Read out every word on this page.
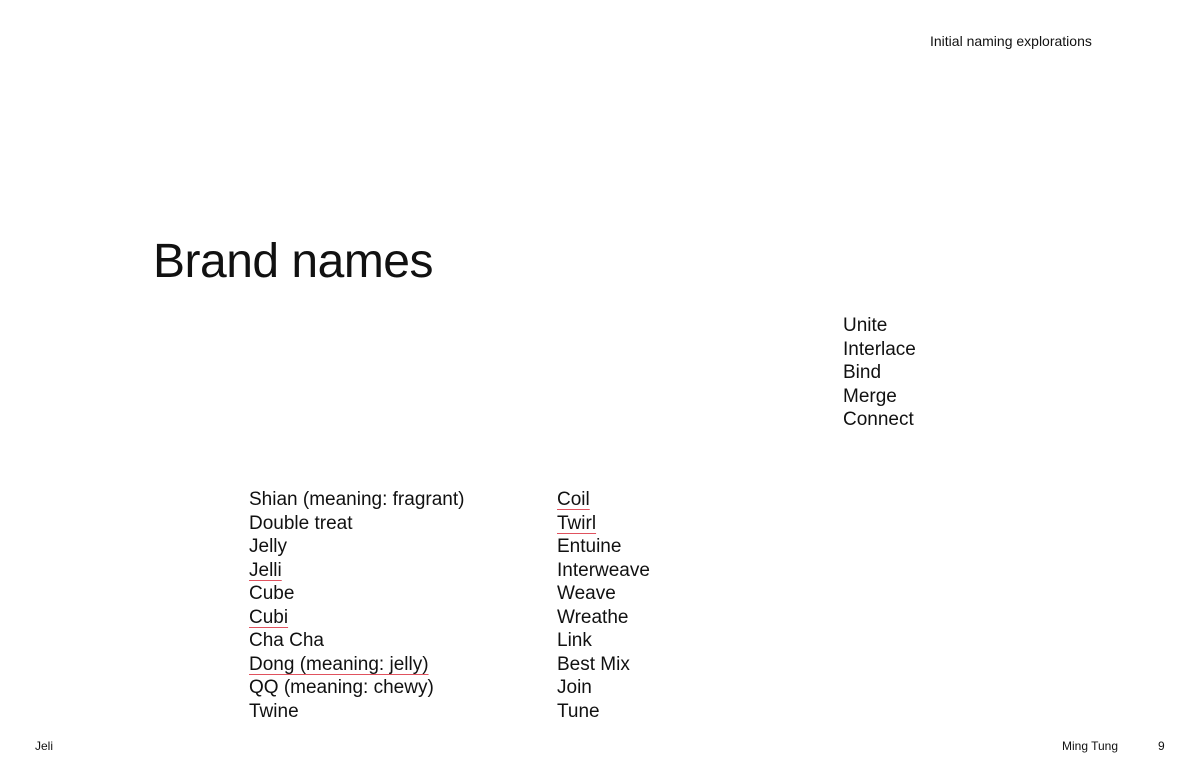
Initial naming explorations
Brand names
Unite
Interlace
Bind
Merge
Connect
Shian (meaning: fragrant)
Double treat
Jelly
Jelli
Cube
Cubi
Cha Cha
Dong (meaning: jelly)
QQ (meaning: chewy)
Twine
Coil
Twirl
Entuine
Interweave
Weave
Wreathe
Link
Best Mix
Join
Tune
Jeli	Ming Tung	9
